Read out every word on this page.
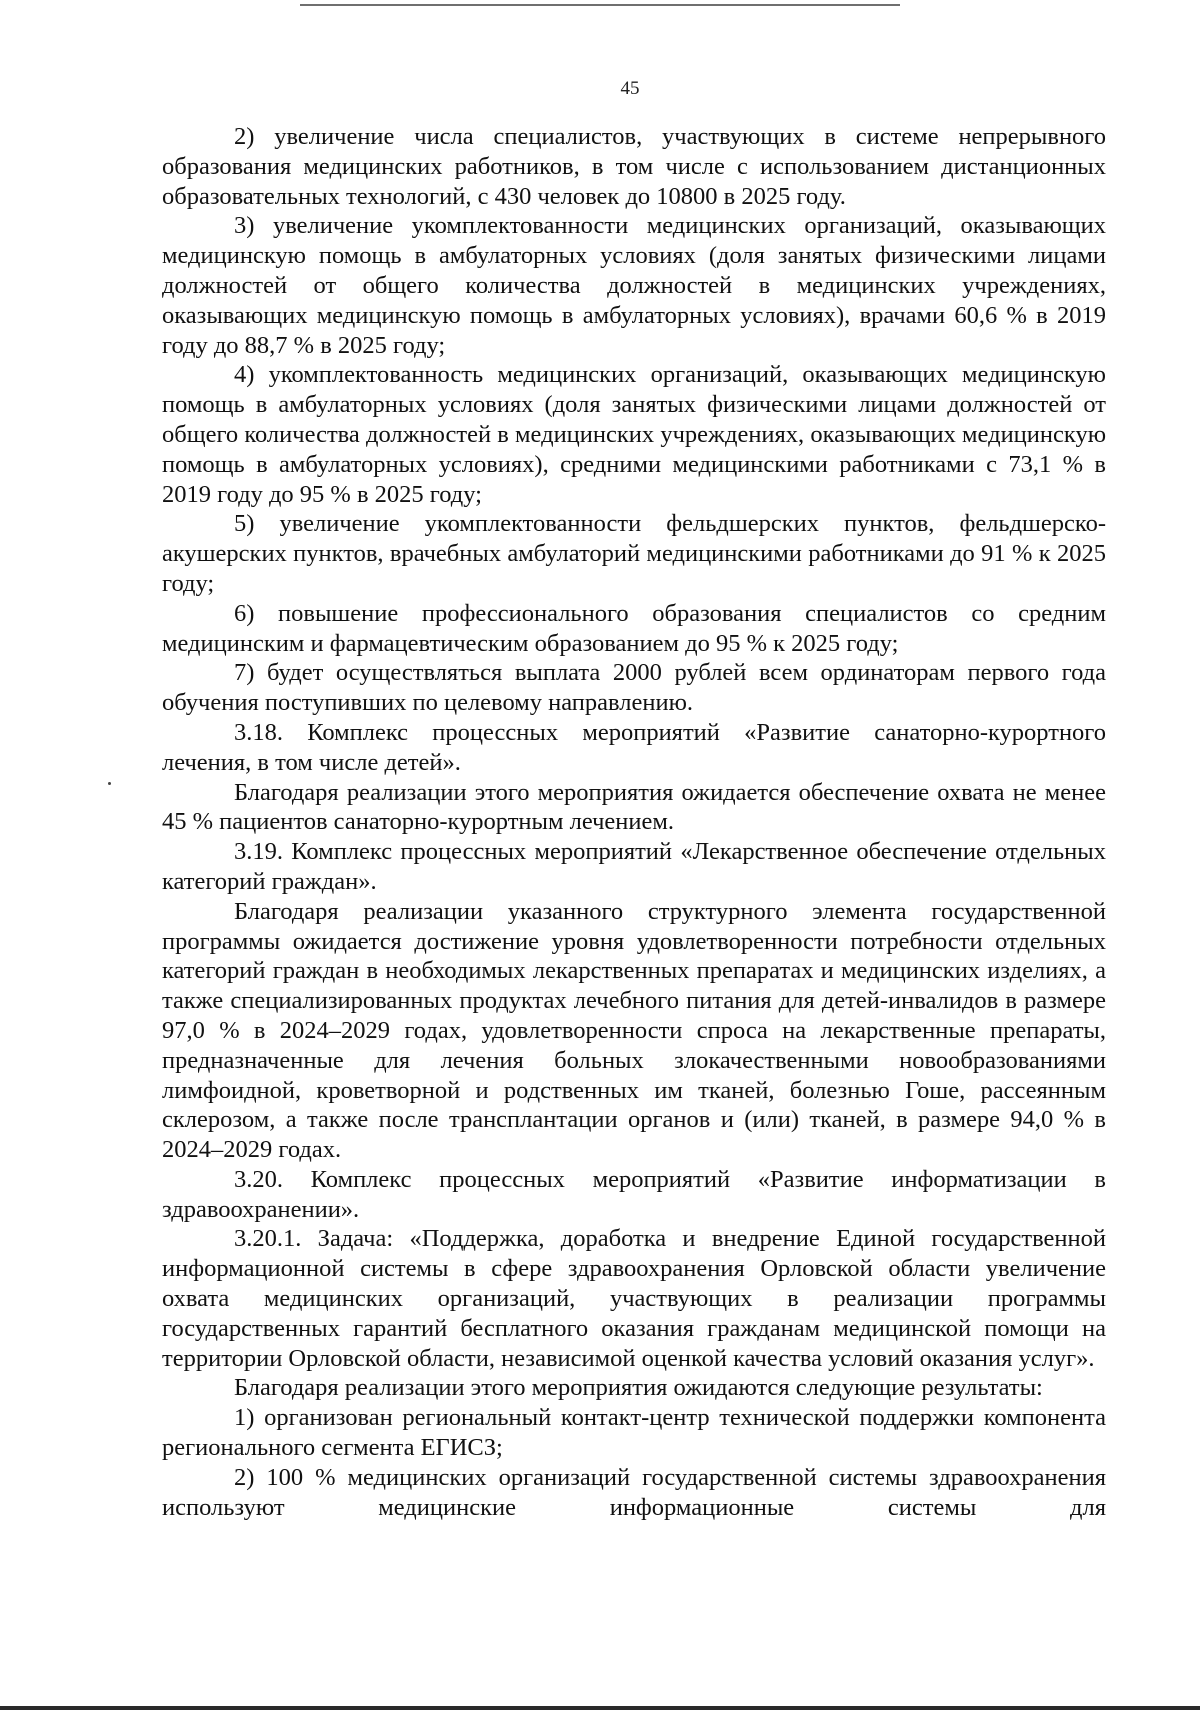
45

2) увеличение числа специалистов, участвующих в системе непрерывного образования медицинских работников, в том числе с использованием дистанционных образовательных технологий, с 430 человек до 10800 в 2025 году.

3) увеличение укомплектованности медицинских организаций, оказывающих медицинскую помощь в амбулаторных условиях (доля занятых физическими лицами должностей от общего количества должностей в медицинских учреждениях, оказывающих медицинскую помощь в амбулаторных условиях), врачами 60,6 % в 2019 году до 88,7 % в 2025 году;

4) укомплектованность медицинских организаций, оказывающих медицинскую помощь в амбулаторных условиях (доля занятых физическими лицами должностей от общего количества должностей в медицинских учреждениях, оказывающих медицинскую помощь в амбулаторных условиях), средними медицинскими работниками с 73,1 % в 2019 году до 95 % в 2025 году;

5) увеличение укомплектованности фельдшерских пунктов, фельдшерско-акушерских пунктов, врачебных амбулаторий медицинскими работниками до 91 % к 2025 году;

6) повышение профессионального образования специалистов со средним медицинским и фармацевтическим образованием до 95 % к 2025 году;

7) будет осуществляться выплата 2000 рублей всем ординаторам первого года обучения поступивших по целевому направлению.

3.18. Комплекс процессных мероприятий «Развитие санаторно-курортного лечения, в том числе детей».

Благодаря реализации этого мероприятия ожидается обеспечение охвата не менее 45 % пациентов санаторно-курортным лечением.

3.19. Комплекс процессных мероприятий «Лекарственное обеспечение отдельных категорий граждан».

Благодаря реализации указанного структурного элемента государственной программы ожидается достижение уровня удовлетворенности потребности отдельных категорий граждан в необходимых лекарственных препаратах и медицинских изделиях, а также специализированных продуктах лечебного питания для детей-инвалидов в размере 97,0 % в 2024–2029 годах, удовлетворенности спроса на лекарственные препараты, предназначенные для лечения больных злокачественными новообразованиями лимфоидной, кроветворной и родственных им тканей, болезнью Гоше, рассеянным склерозом, а также после трансплантации органов и (или) тканей, в размере 94,0 % в 2024–2029 годах.

3.20. Комплекс процессных мероприятий «Развитие информатизации в здравоохранении».

3.20.1. Задача: «Поддержка, доработка и внедрение Единой государственной информационной системы в сфере здравоохранения Орловской области увеличение охвата медицинских организаций, участвующих в реализации программы государственных гарантий бесплатного оказания гражданам медицинской помощи на территории Орловской области, независимой оценкой качества условий оказания услуг».

Благодаря реализации этого мероприятия ожидаются следующие результаты:

1) организован региональный контакт-центр технической поддержки компонента регионального сегмента ЕГИСЗ;

2) 100 % медицинских организаций государственной системы здравоохранения используют медицинские информационные системы для
